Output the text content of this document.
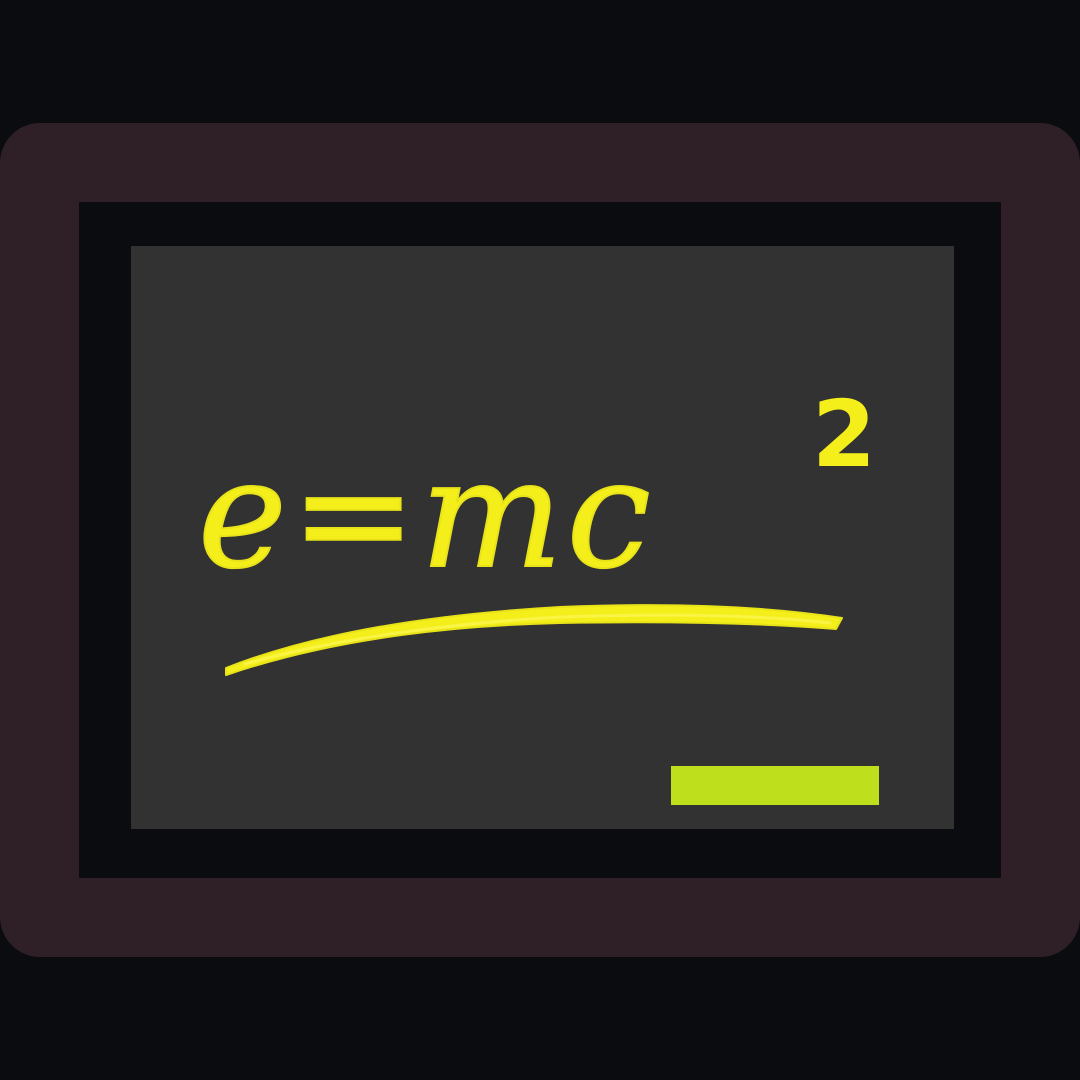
e=mc 2
